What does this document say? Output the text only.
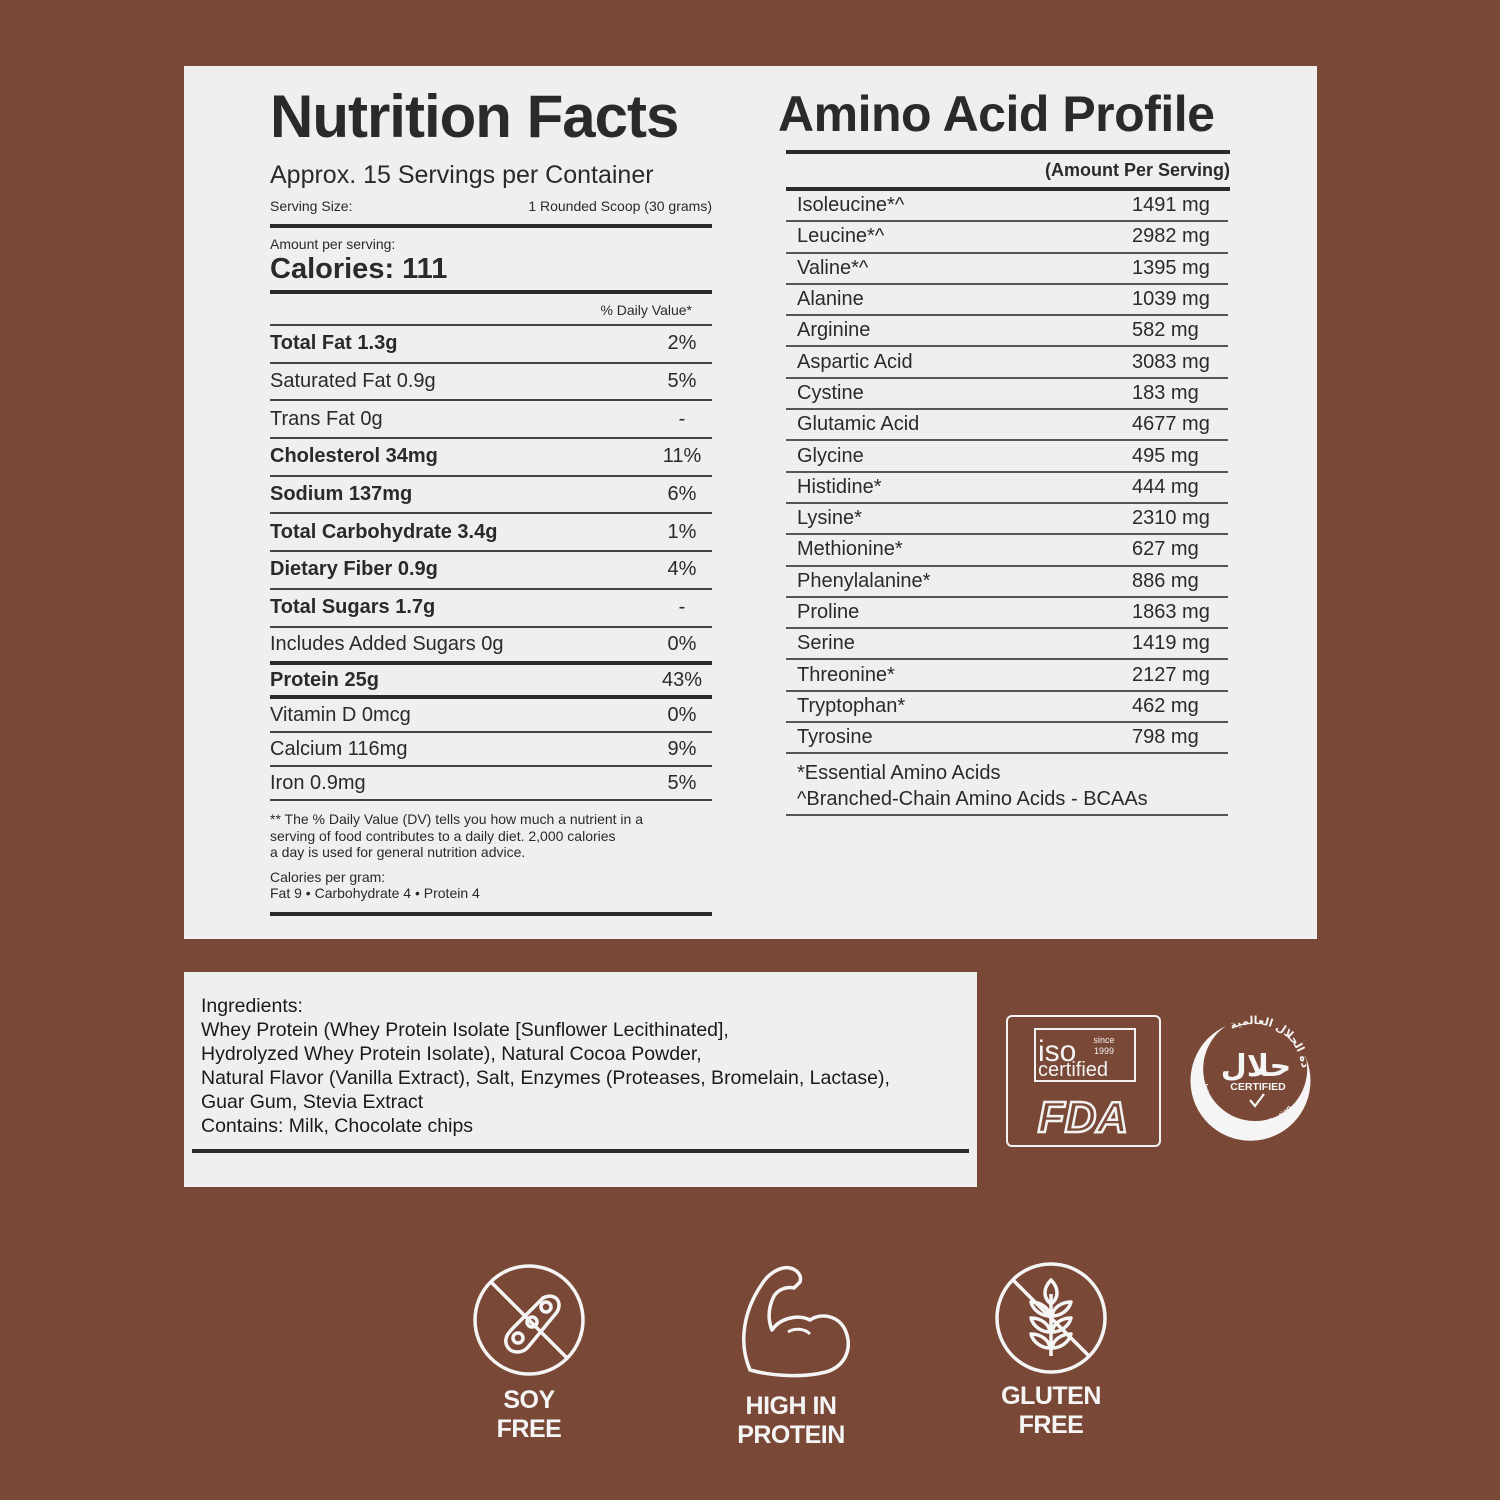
Nutrition Facts
Approx. 15 Servings per Container
Serving Size:	1 Rounded Scoop (30 grams)
Amount per serving:
Calories: 111
% Daily Value*
Total Fat 1.3g	2%
Saturated Fat 0.9g	5%
Trans Fat 0g	-
Cholesterol 34mg	11%
Sodium 137mg	6%
Total Carbohydrate 3.4g	1%
Dietary Fiber 0.9g	4%
Total Sugars 1.7g	-
Includes Added Sugars 0g	0%
Protein 25g	43%
Vitamin D 0mcg	0%
Calcium 116mg	9%
Iron 0.9mg	5%
** The % Daily Value (DV) tells you how much a nutrient in a
serving of food contributes to a daily diet. 2,000 calories
a day is used for general nutrition advice.
Calories per gram:
Fat 9 • Carbohydrate 4 • Protein 4
Amino Acid Profile
(Amount Per Serving)
Isoleucine*^	1491 mg
Leucine*^	2982 mg
Valine*^	1395 mg
Alanine	1039 mg
Arginine	582 mg
Aspartic Acid	3083 mg
Cystine	183 mg
Glutamic Acid	4677 mg
Glycine	495 mg
Histidine*	444 mg
Lysine*	2310 mg
Methionine*	627 mg
Phenylalanine*	886 mg
Proline	1863 mg
Serine	1419 mg
Threonine*	2127 mg
Tryptophan*	462 mg
Tyrosine	798 mg
*Essential Amino Acids
^Branched-Chain Amino Acids - BCAAs
Ingredients:
Whey Protein (Whey Protein Isolate [Sunflower Lecithinated],
Hydrolyzed Whey Protein Isolate), Natural Cocoa Powder,
Natural Flavor (Vanilla Extract), Salt, Enzymes (Proteases, Bromelain, Lactase),
Guar Gum, Stevia Extract
Contains: Milk, Chocolate chips
iso since
1999
certified
FDA
International Halal Certification
دة الحلال العالمية
حلال
CERTIFIED
SOY
FREE
HIGH IN
PROTEIN
GLUTEN
FREE
